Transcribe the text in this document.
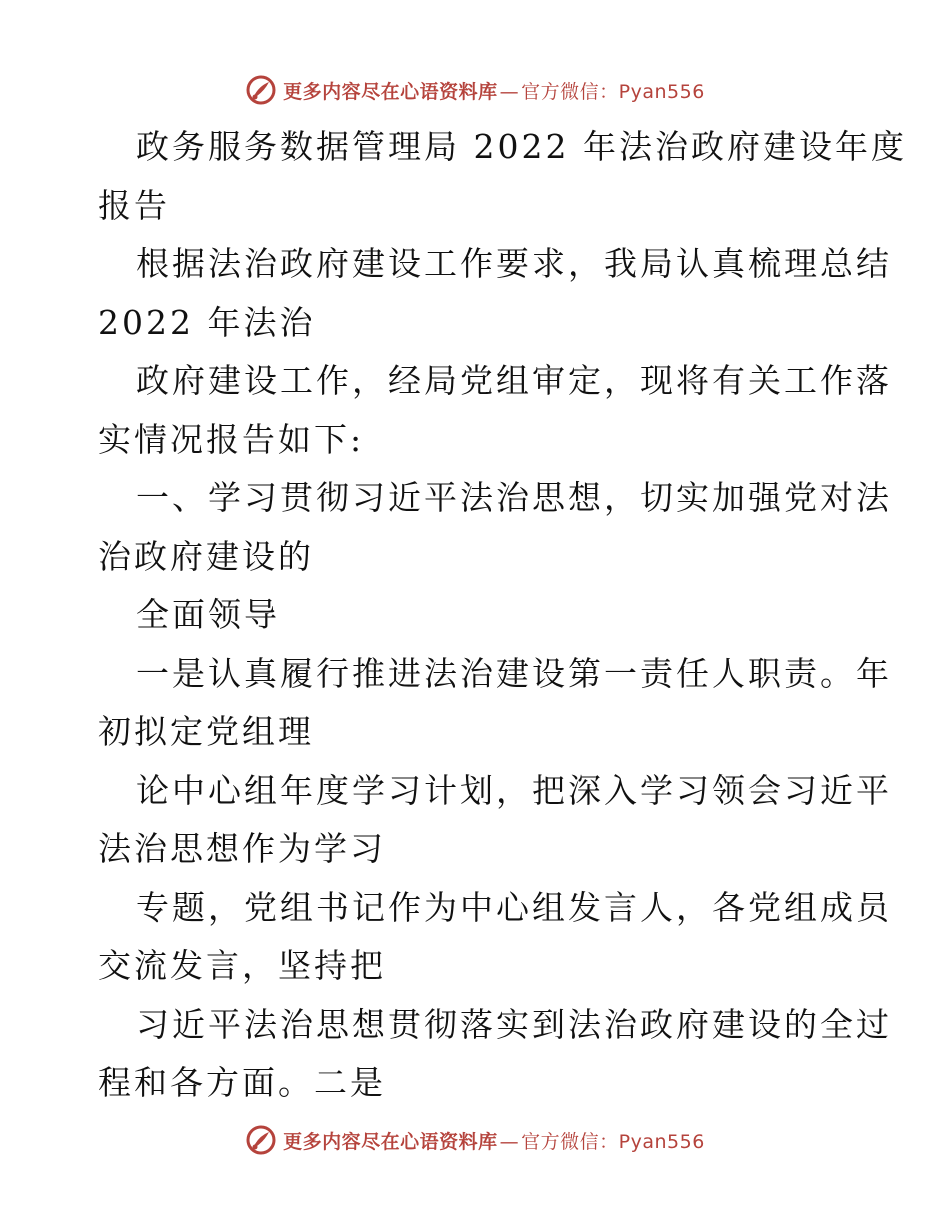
更多内容尽在心语资料库 — 官方微信：Pyan556
政务服务数据管理局 2022 年法治政府建设年度
报告
根据法治政府建设工作要求，我局认真梳理总结
2022 年法治
政府建设工作，经局党组审定，现将有关工作落
实情况报告如下:
一、学习贯彻习近平法治思想，切实加强党对法
治政府建设的
全面领导
一是认真履行推进法治建设第一责任人职责。年
初拟定党组理
论中心组年度学习计划，把深入学习领会习近平
法治思想作为学习
专题，党组书记作为中心组发言人，各党组成员
交流发言，坚持把
习近平法治思想贯彻落实到法治政府建设的全过
程和各方面。二是
更多内容尽在心语资料库 — 官方微信：Pyan556
